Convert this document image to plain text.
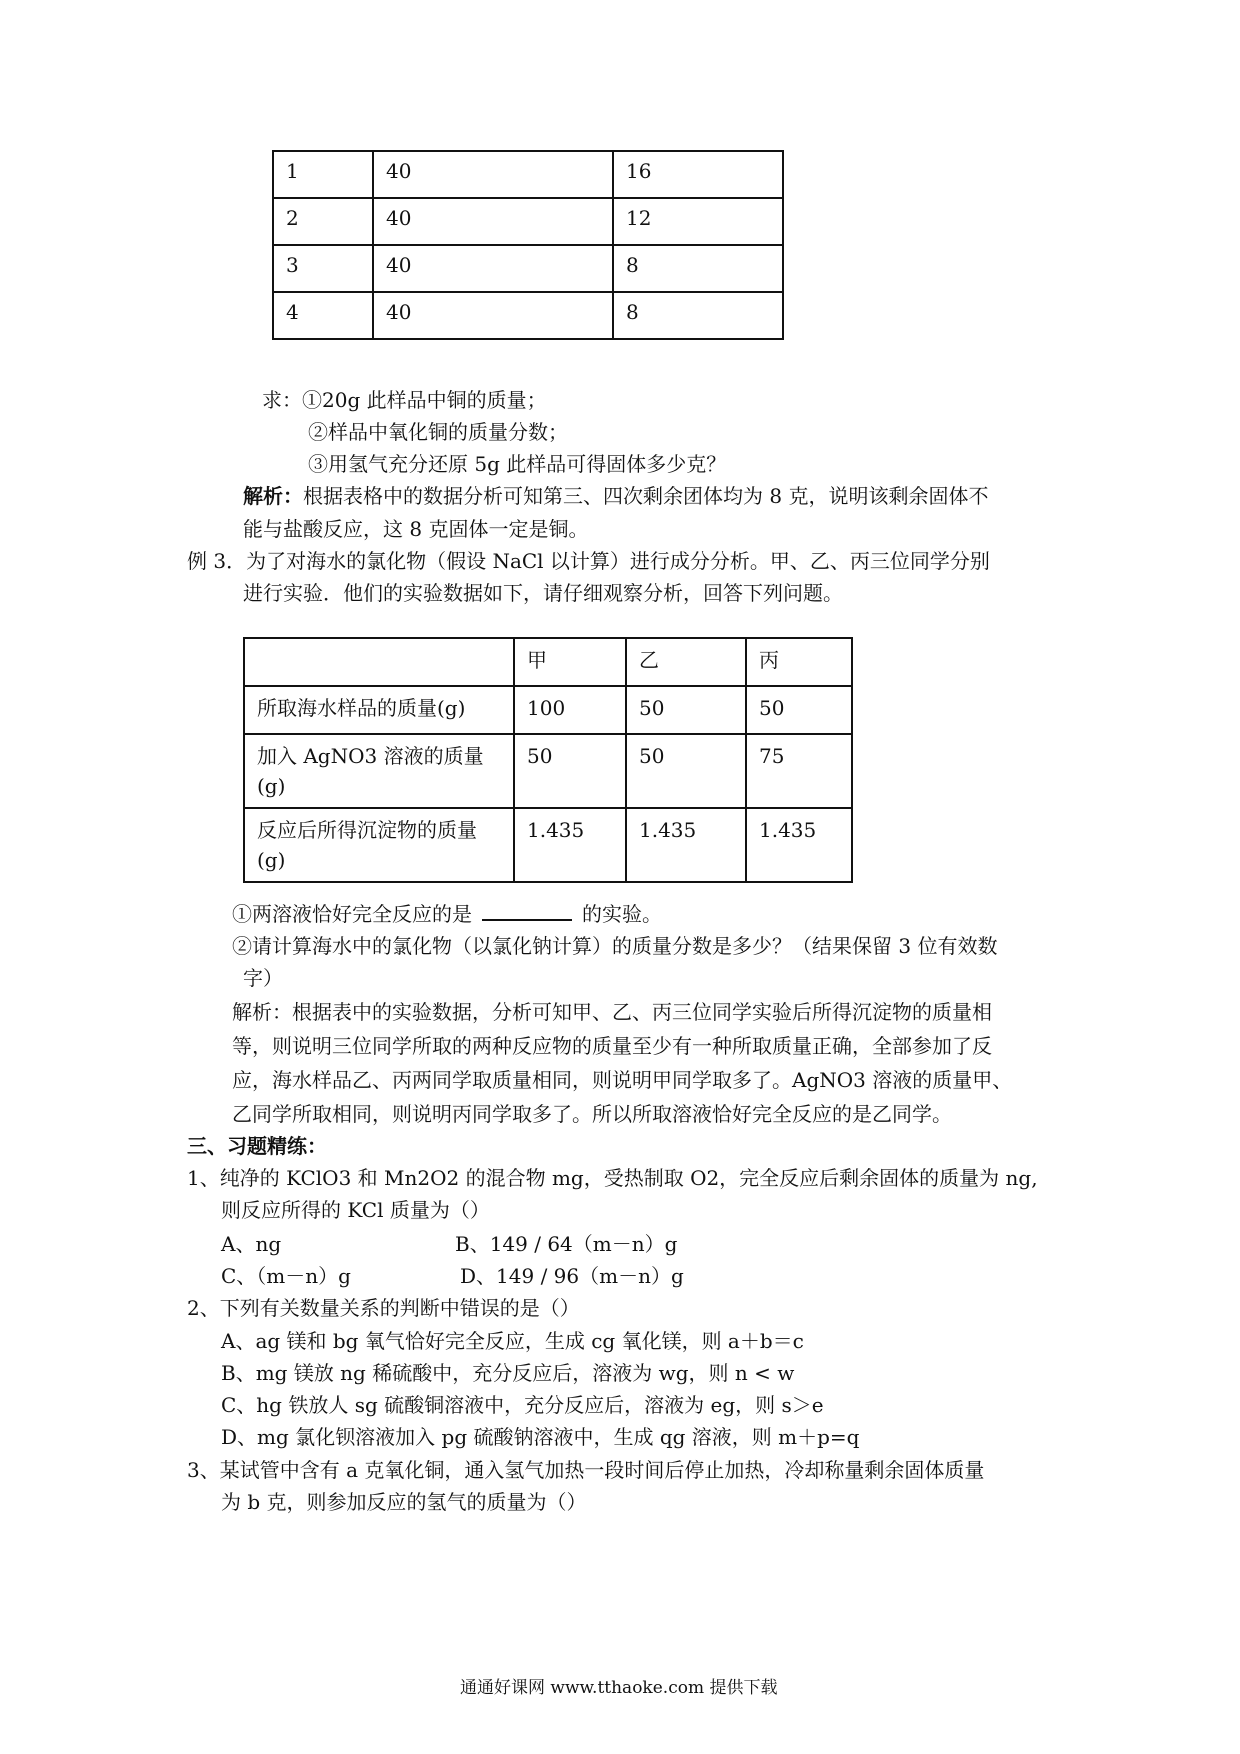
1	40	16
2	40	12
3	40	8
4	40	8
求：①20g 此样品中铜的质量；
②样品中氧化铜的质量分数；
③用氢气充分还原 5g 此样品可得固体多少克？
解析：根据表格中的数据分析可知第三、四次剩余团体均为 8 克，说明该剩余固体不
能与盐酸反应，这 8 克固体一定是铜。
例 3．为了对海水的氯化物（假设 NaCl 以计算）进行成分分析。甲、乙、丙三位同学分别
进行实验．他们的实验数据如下，请仔细观察分析，回答下列问题。
	甲	乙	丙
所取海水样品的质量(g)	100	50	50
加入 AgNO3 溶液的质量(g)	50	50	75
反应后所得沉淀物的质量(g)	1.435	1.435	1.435
①两溶液恰好完全反应的是	的实验。
②请计算海水中的氯化物（以氯化钠计算）的质量分数是多少？（结果保留 3 位有效数
字）
解析：根据表中的实验数据，分析可知甲、乙、丙三位同学实验后所得沉淀物的质量相
等，则说明三位同学所取的两种反应物的质量至少有一种所取质量正确，全部参加了反
应，海水样品乙、丙两同学取质量相同，则说明甲同学取多了。AgNO3 溶液的质量甲、
乙同学所取相同，则说明丙同学取多了。所以所取溶液恰好完全反应的是乙同学。
三、习题精练：
1、纯净的 KClO3 和 Mn2O2 的混合物 mg，受热制取 O2，完全反应后剩余固体的质量为 ng,
则反应所得的 KCl 质量为（）
A、ng	B、149 / 64（m－n）g
C、（m－n）g	D、149 / 96（m－n）g
2、下列有关数量关系的判断中错误的是（）
A、ag 镁和 bg 氧气恰好完全反应，生成 cg 氧化镁，则 a＋b＝c
B、mg 镁放 ng 稀硫酸中，充分反应后，溶液为 wg，则 n < w
C、hg 铁放人 sg 硫酸铜溶液中，充分反应后，溶液为 eg，则 s＞e
D、mg 氯化钡溶液加入 pg 硫酸钠溶液中，生成 qg 溶液，则 m＋p=q
3、某试管中含有 a 克氧化铜，通入氢气加热一段时间后停止加热，冷却称量剩余固体质量
为 b 克，则参加反应的氢气的质量为（）
通通好课网 www.tthaoke.com 提供下载
